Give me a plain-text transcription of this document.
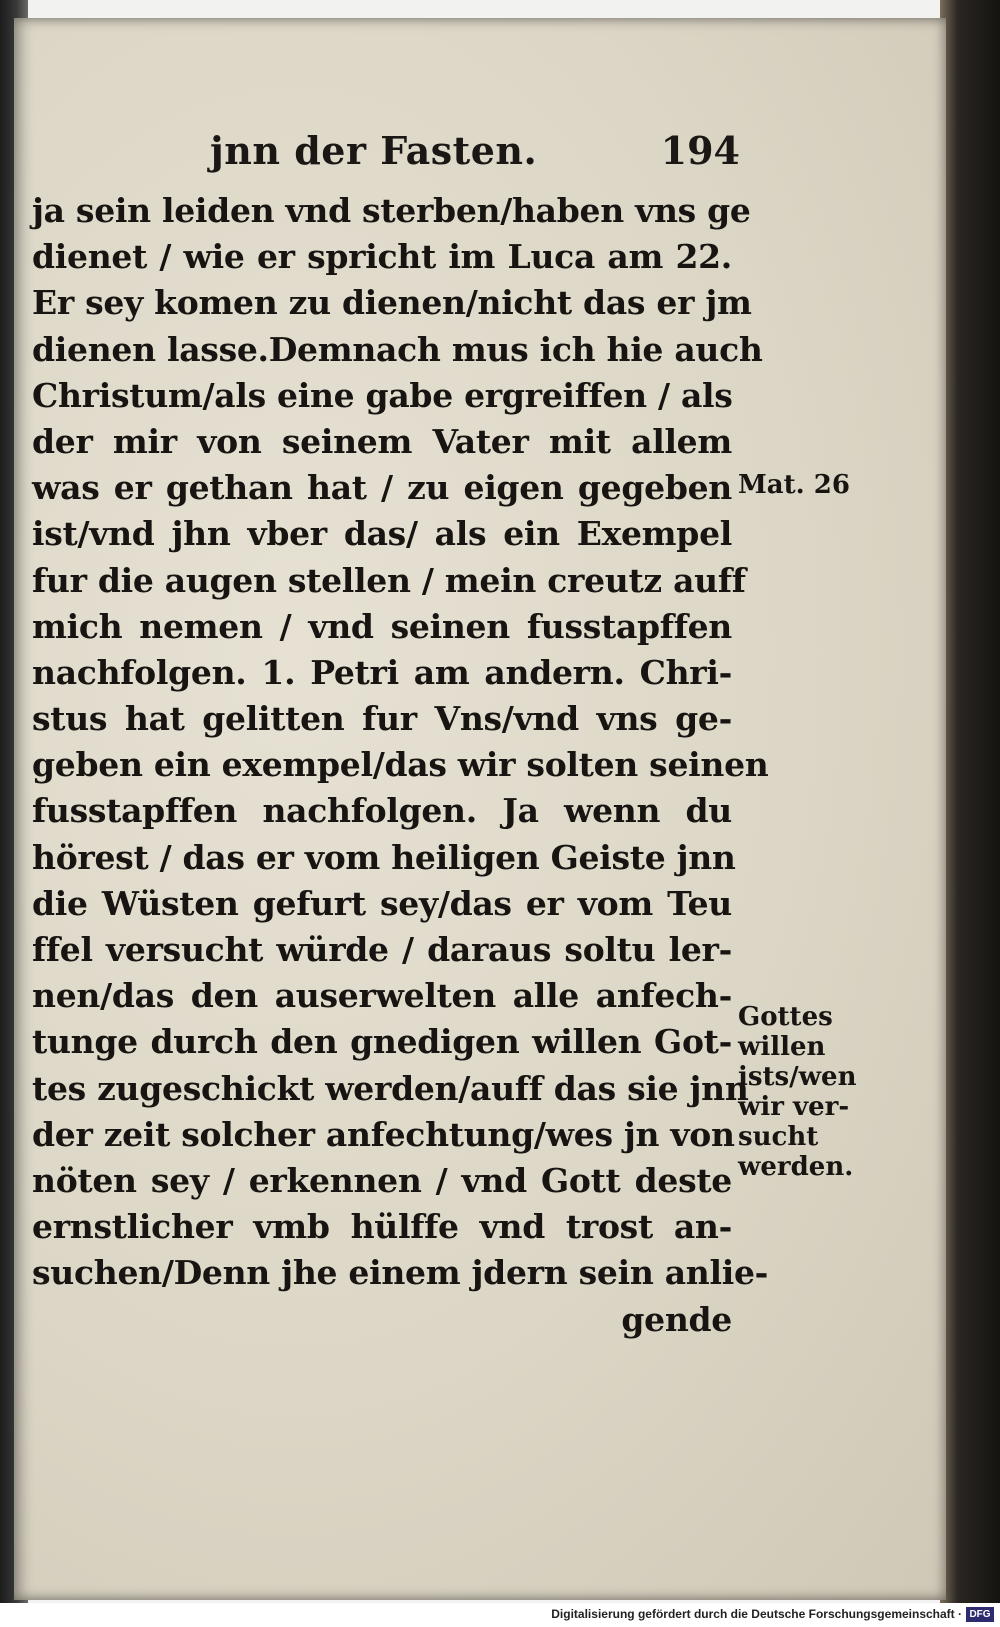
jnn der Fasten.	194
ja sein leiden vnd sterben/haben vns ge
dienet / wie er spricht im Luca am 22.
Er sey komen zu dienen/nicht das er jm
dienen lasse.Demnach mus ich hie auch
Christum/als eine gabe ergreiffen / als
der mir von seinem Vater mit allem
was er gethan hat / zu eigen gegeben
ist/vnd jhn vber das/ als ein Exempel
fur die augen stellen / mein creutz auff
mich nemen / vnd seinen fusstapffen
nachfolgen. 1. Petri am andern. Chri-
stus hat gelitten fur Vns/vnd vns ge-
geben ein exempel/das wir solten seinen
fusstapffen nachfolgen. Ja wenn du
hörest / das er vom heiligen Geiste jnn
die Wüsten gefurt sey/das er vom Teu
ffel versucht würde / daraus soltu ler-
nen/das den auserwelten alle anfech-
tunge durch den gnedigen willen Got-
tes zugeschickt werden/auff das sie jnn
der zeit solcher anfechtung/wes jn von
nöten sey / erkennen / vnd Gott deste
ernstlicher vmb hülffe vnd trost an-
suchen/Denn jhe einem jdern sein anlie-
gende
Mat. 26
Gottes
willen
ists/wen
wir ver-
sucht
werden.
Digitalisierung gefördert durch die Deutsche Forschungsgemeinschaft · DFG
